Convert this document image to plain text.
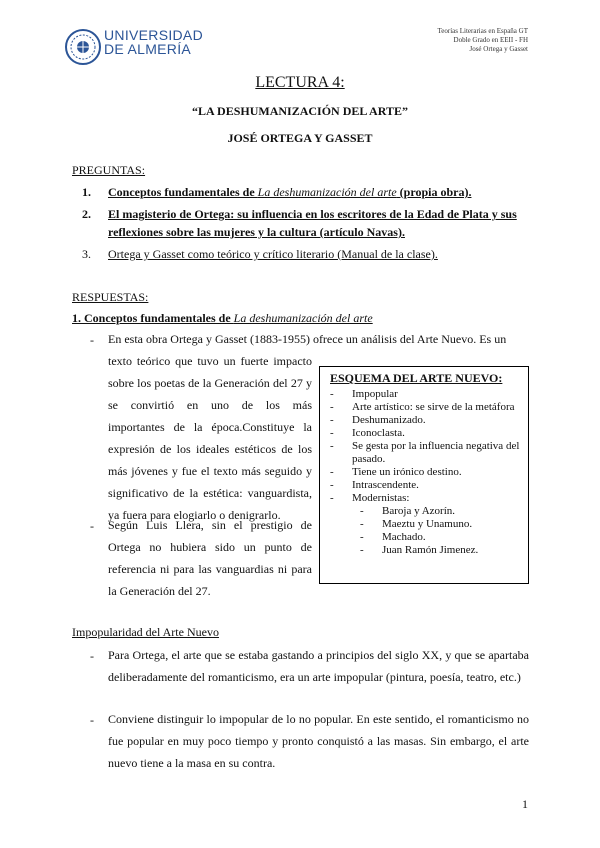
UNIVERSIDAD
DE ALMERÍA
Teorías Literarias en España GT
Doble Grado en EEII - FH
José Ortega y Gasset
LECTURA 4:
“LA DESHUMANIZACIÓN DEL ARTE”
JOSÉ ORTEGA Y GASSET
PREGUNTAS:
1. Conceptos fundamentales de La deshumanización del arte (propia obra).
2. El magisterio de Ortega: su influencia en los escritores de la Edad de Plata y sus reflexiones sobre las mujeres y la cultura (artículo Navas).
3. Ortega y Gasset como teórico y crítico literario (Manual de la clase).
RESPUESTAS:
1. Conceptos fundamentales de La deshumanización del arte
- En esta obra Ortega y Gasset (1883-1955) ofrece un análisis del Arte Nuevo. Es un
texto teórico que tuvo un fuerte impacto sobre los poetas de la Generación del 27 y se convirtió en uno de los más importantes de la época.Constituye la expresión de los ideales estéticos de los más jóvenes y fue el texto más seguido y significativo de la estética: vanguardista, ya fuera para elogiarlo o denigrarlo.
- Según Luis Llera, sin el prestigio de Ortega no hubiera sido un punto de referencia ni para las vanguardias ni para la Generación del 27.
ESQUEMA DEL ARTE NUEVO:
- Impopular
- Arte artístico: se sirve de la metáfora
- Deshumanizado.
- Iconoclasta.
- Se gesta por la influencia negativa del pasado.
- Tiene un irónico destino.
- Intrascendente.
- Modernistas:
- Baroja y Azorín.
- Maeztu y Unamuno.
- Machado.
- Juan Ramón Jimenez.
Impopularidad del Arte Nuevo
- Para Ortega, el arte que se estaba gastando a principios del siglo XX, y que se apartaba deliberadamente del romanticismo, era un arte impopular (pintura, poesía, teatro, etc.)
- Conviene distinguir lo impopular de lo no popular. En este sentido, el romanticismo no fue popular en muy poco tiempo y pronto conquistó a las masas. Sin embargo, el arte nuevo tiene a la masa en su contra.
1
